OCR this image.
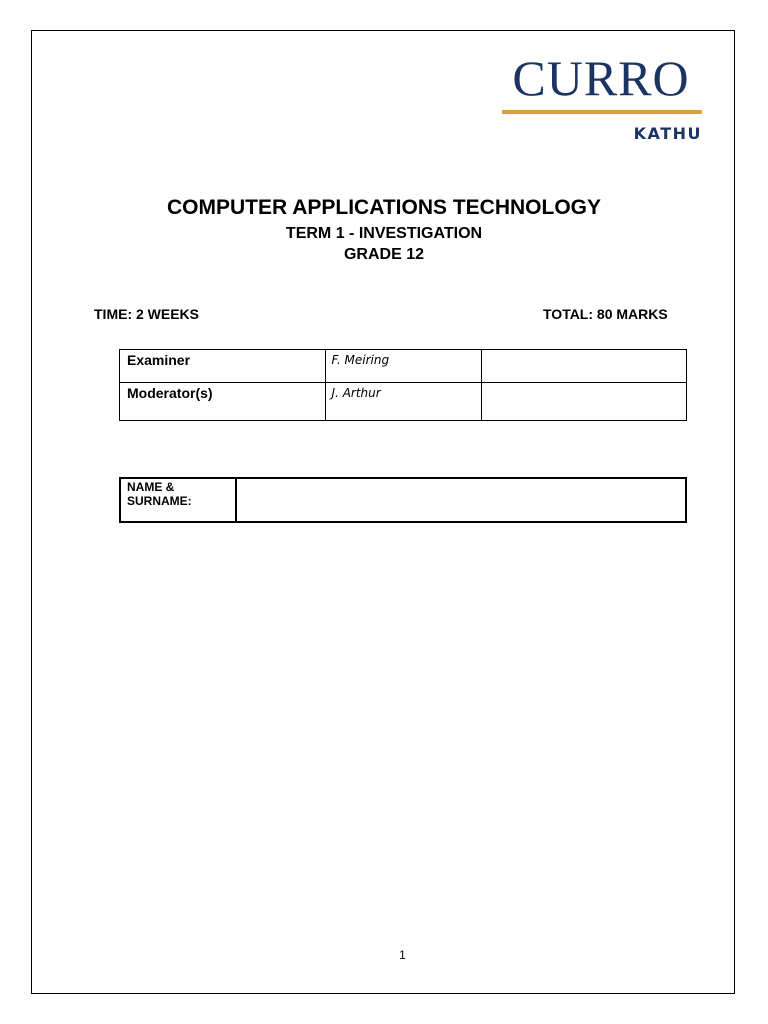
CURRO
KATHU
COMPUTER APPLICATIONS TECHNOLOGY
TERM 1 - INVESTIGATION
GRADE 12
TIME: 2 WEEKS	TOTAL: 80 MARKS
Examiner	F. Meiring	
Moderator(s)	J. Arthur	
NAME & SURNAME:	
1
